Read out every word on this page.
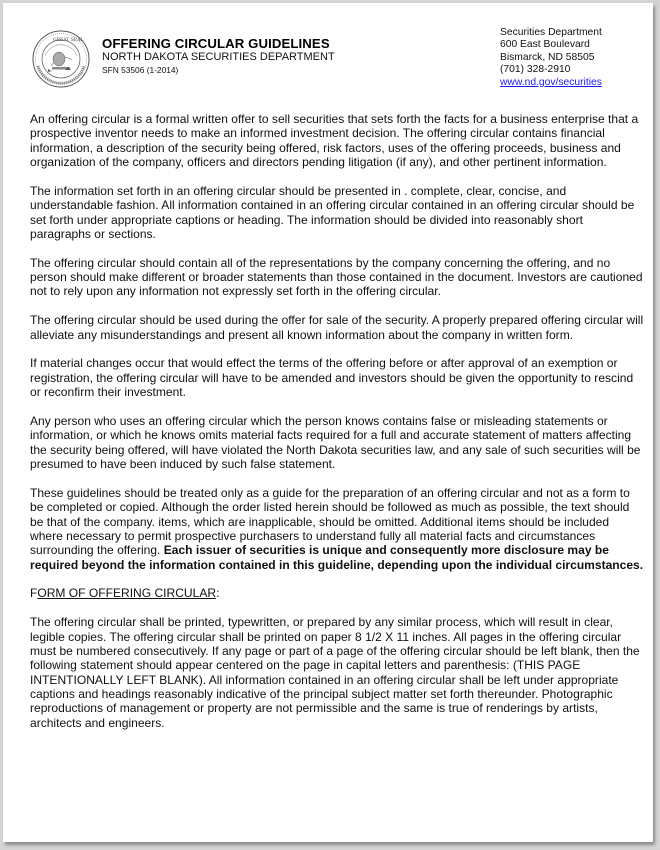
GREAT SEAL OFFERING CIRCULAR GUIDELINES
NORTH DAKOTA SECURITIES DEPARTMENT
SFN 53506 (1-2014)
Securities Department
600 East Boulevard
Bismarck, ND 58505
(701) 328-2910
www.nd.gov/securities

An offering circular is a formal written offer to sell securities that sets forth the facts for a business enterprise that a prospective inventor needs to make an informed investment decision. The offering circular contains financial information, a description of the security being offered, risk factors, uses of the offering proceeds, business and organization of the company, officers and directors pending litigation (if any), and other pertinent information.

The information set forth in an offering circular should be presented in . complete, clear, concise, and understandable fashion. All information contained in an offering circular contained in an offering circular should be set forth under appropriate captions or heading. The information should be divided into reasonably short paragraphs or sections.

The offering circular should contain all of the representations by the company concerning the offering, and no person should make different or broader statements than those contained in the document. Investors are cautioned not to rely upon any information not expressly set forth in the offering circular.

The offering circular should be used during the offer for sale of the security. A properly prepared offering circular will alleviate any misunderstandings and present all known information about the company in written form.

If material changes occur that would effect the terms of the offering before or after approval of an exemption or registration, the offering circular will have to be amended and investors should be given the opportunity to rescind or reconfirm their investment.

Any person who uses an offering circular which the person knows contains false or misleading statements or information, or which he knows omits material facts required for a full and accurate statement of matters affecting the security being offered, will have violated the North Dakota securities law, and any sale of such securities will be presumed to have been induced by such false statement.

These guidelines should be treated only as a guide for the preparation of an offering circular and not as a form to be completed or copied. Although the order listed herein should be followed as much as possible, the text should be that of the company. items, which are inapplicable, should be omitted. Additional items should be included where necessary to permit prospective purchasers to understand fully all material facts and circumstances surrounding the offering. Each issuer of securities is unique and consequently more disclosure may be required beyond the information contained in this guideline, depending upon the individual circumstances.

FORM OF OFFERING CIRCULAR:

The offering circular shall be printed, typewritten, or prepared by any similar process, which will result in clear, legible copies. The offering circular shall be printed on paper 8 1/2 X 11 inches. All pages in the offering circular must be numbered consecutively. If any page or part of a page of the offering circular should be left blank, then the following statement should appear centered on the page in capital letters and parenthesis: (THIS PAGE INTENTIONALLY LEFT BLANK). All information contained in an offering circular shall be left under appropriate captions and headings reasonably indicative of the principal subject matter set forth thereunder. Photographic reproductions of management or property are not permissible and the same is true of renderings by artists, architects and engineers.
